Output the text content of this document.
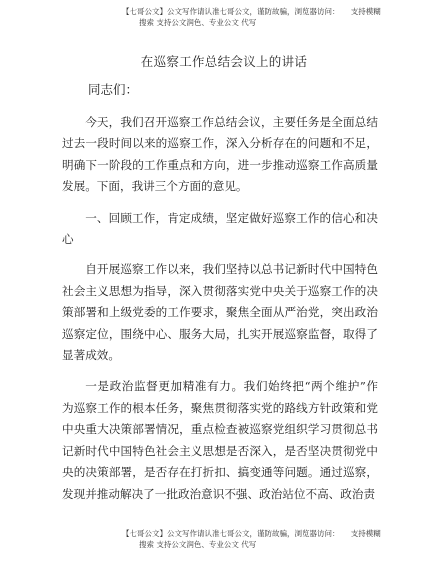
【七哥公文】公文写作请认准七哥公文，谨防故骗，浏览器访问：　　支持模糊
搜索 支持公文润色、专业公文 代写
在巡察工作总结会议上的讲话
同志们：

今天，我们召开巡察工作总结会议，主要任务是全面总结过去一段时间以来的巡察工作，深入分析存在的问题和不足，明确下一阶段的工作重点和方向，进一步推动巡察工作高质量发展。下面，我讲三个方面的意见。

一、回顾工作，肯定成绩，坚定做好巡察工作的信心和决心

自开展巡察工作以来，我们坚持以总书记新时代中国特色社会主义思想为指导，深入贯彻落实党中央关于巡察工作的决策部署和上级党委的工作要求，聚焦全面从严治党，突出政治巡察定位，围绕中心、服务大局，扎实开展巡察监督，取得了显著成效。

一是政治监督更加精准有力。我们始终把“两个维护”作 为巡察工作的根本任务，聚焦贯彻落实党的路线方针政策和党 中央重大决策部署情况，重点检查被巡察党组织学习贯彻总书 记新时代中国特色社会主义思想是否深入，是否坚决贯彻党中 央的决策部署，是否存在打折扣、搞变通等问题。通过巡察， 发现并推动解决了一批政治意识不强、政治站位不高、政治责

【七哥公文】公文写作请认准七哥公文，谨防故骗，浏览器访问：　　支持模糊
搜索 支持公文润色、专业公文 代写
